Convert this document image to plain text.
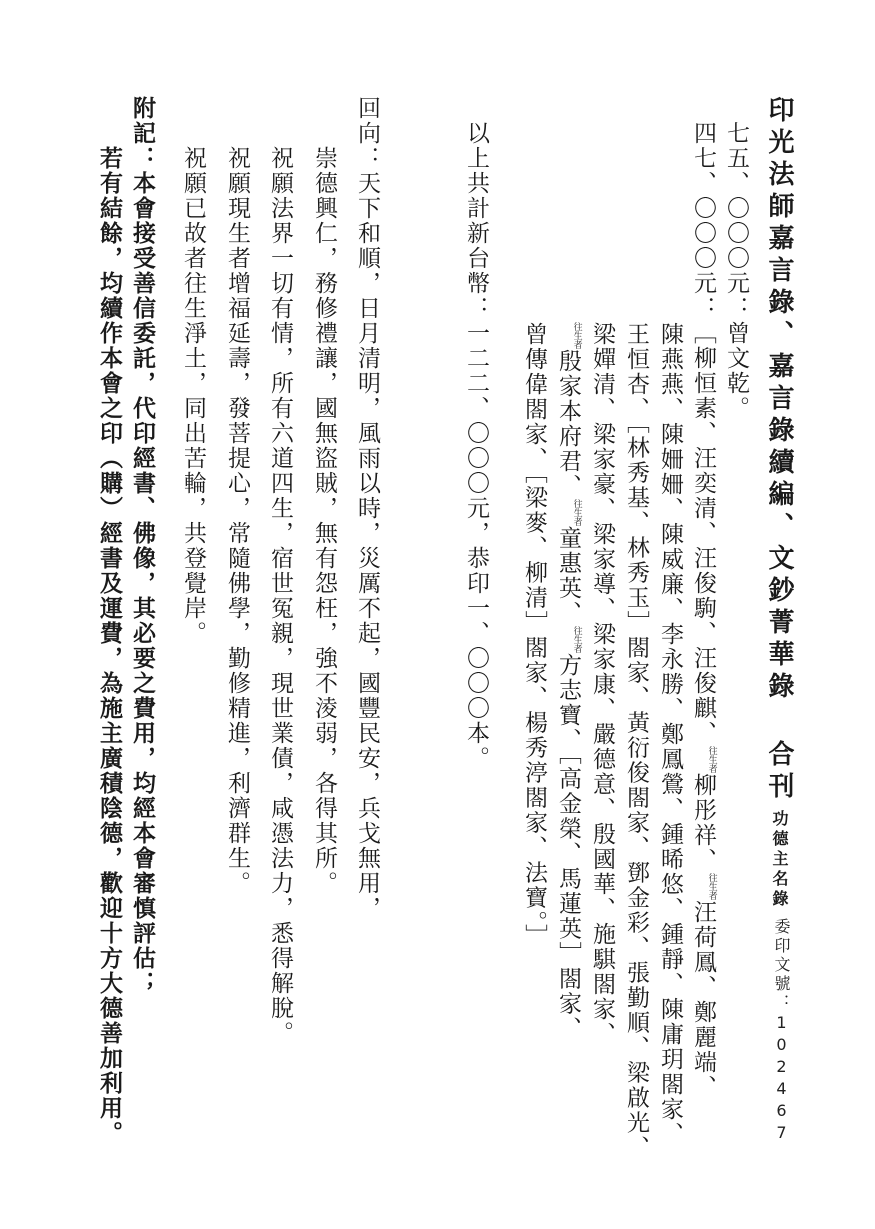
委印文號：102467
印光法師嘉言錄、嘉言錄續編、文鈔菁華錄 合刊功德主名錄
七五、〇〇〇元：曾文乾。
四七、〇〇〇元：［柳恒素、汪奕清、汪俊駒、汪俊麒、$^{往生者}$柳彤祥、$^{往生者}$汪荷鳳、鄭麗端、
陳燕燕、陳姍姍、陳威廉、李永勝、鄭鳳鶯、鍾晞悠、鍾靜、陳庸玥閤家、
王恒杏、［林秀基、林秀玉］閤家、黃衍俊閤家、鄧金彩、張勤順、梁啟光、
梁嬋清、梁家豪、梁家導、梁家康、嚴德意、殷國華、施騏閤家、
$^{往生者}$殷家本府君、$^{往生者}$童惠英、$^{往生者}$方志寶、［高金榮、馬蓮英］閤家、
曾傳偉閤家、［梁麥、柳清］閤家、楊秀渟閤家、法寶。］
以上共計新台幣：一二二、〇〇〇元，恭印一、〇〇〇本。
回向：天下和順，日月清明，風雨以時，災厲不起，國豐民安，兵戈無用，
崇德興仁，務修禮讓，國無盜賊，無有怨枉，強不淩弱，各得其所。
祝願法界一切有情，所有六道四生，宿世冤親，現世業債，咸憑法力，悉得解脫。
祝願現生者增福延壽，發菩提心，常隨佛學，勤修精進，利濟群生。
祝願已故者往生淨土，同出苦輪，共登覺岸。
附記：本會接受善信委託，代印經書、佛像，其必要之費用，均經本會審慎評估；
若有結餘，均續作本會之印（購）經書及運費，為施主廣積陰德，歡迎十方大德善加利用。
